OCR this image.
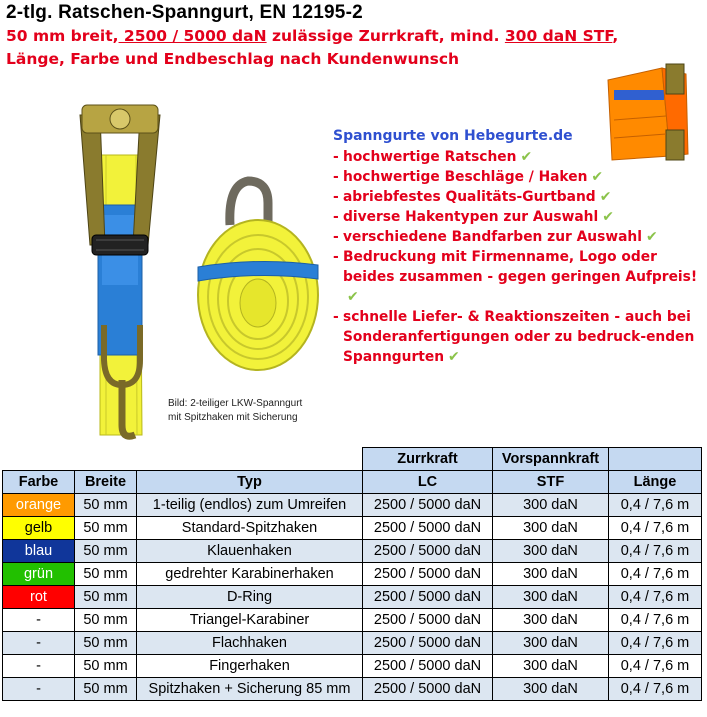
2-tlg. Ratschen-Spanngurt, EN 12195-2
50 mm breit, 2500 / 5000 daN zulässige Zurrkraft, mind. 300 daN STF,
Länge, Farbe und Endbeschlag nach Kundenwunsch
Bild: 2-teiliger LKW-Spanngurt
mit Spitzhaken mit Sicherung
Spanngurte von Hebegurte.de
- hochwertige Ratschen ✔
- hochwertige Beschläge / Haken ✔
- abriebfestes Qualitäts-Gurtband ✔
- diverse Hakentypen zur Auswahl ✔
- verschiedene Bandfarben zur Auswahl ✔
- Bedruckung mit Firmenname, Logo oder beides zusammen - gegen geringen Aufpreis!✔
- schnelle Liefer- & Reaktionszeiten - auch bei Sonderanfertigungen oder zu bedruck-enden Spanngurten ✔
			Zurrkraft	Vorspannkraft	
Farbe	Breite	Typ	LC	STF	Länge
orange	50 mm	1-teilig (endlos) zum Umreifen	2500 / 5000 daN	300 daN	0,4 / 7,6 m
gelb	50 mm	Standard-Spitzhaken	2500 / 5000 daN	300 daN	0,4 / 7,6 m
blau	50 mm	Klauenhaken	2500 / 5000 daN	300 daN	0,4 / 7,6 m
grün	50 mm	gedrehter Karabinerhaken	2500 / 5000 daN	300 daN	0,4 / 7,6 m
rot	50 mm	D-Ring	2500 / 5000 daN	300 daN	0,4 / 7,6 m
-	50 mm	Triangel-Karabiner	2500 / 5000 daN	300 daN	0,4 / 7,6 m
-	50 mm	Flachhaken	2500 / 5000 daN	300 daN	0,4 / 7,6 m
-	50 mm	Fingerhaken	2500 / 5000 daN	300 daN	0,4 / 7,6 m
-	50 mm	Spitzhaken + Sicherung 85 mm	2500 / 5000 daN	300 daN	0,4 / 7,6 m
